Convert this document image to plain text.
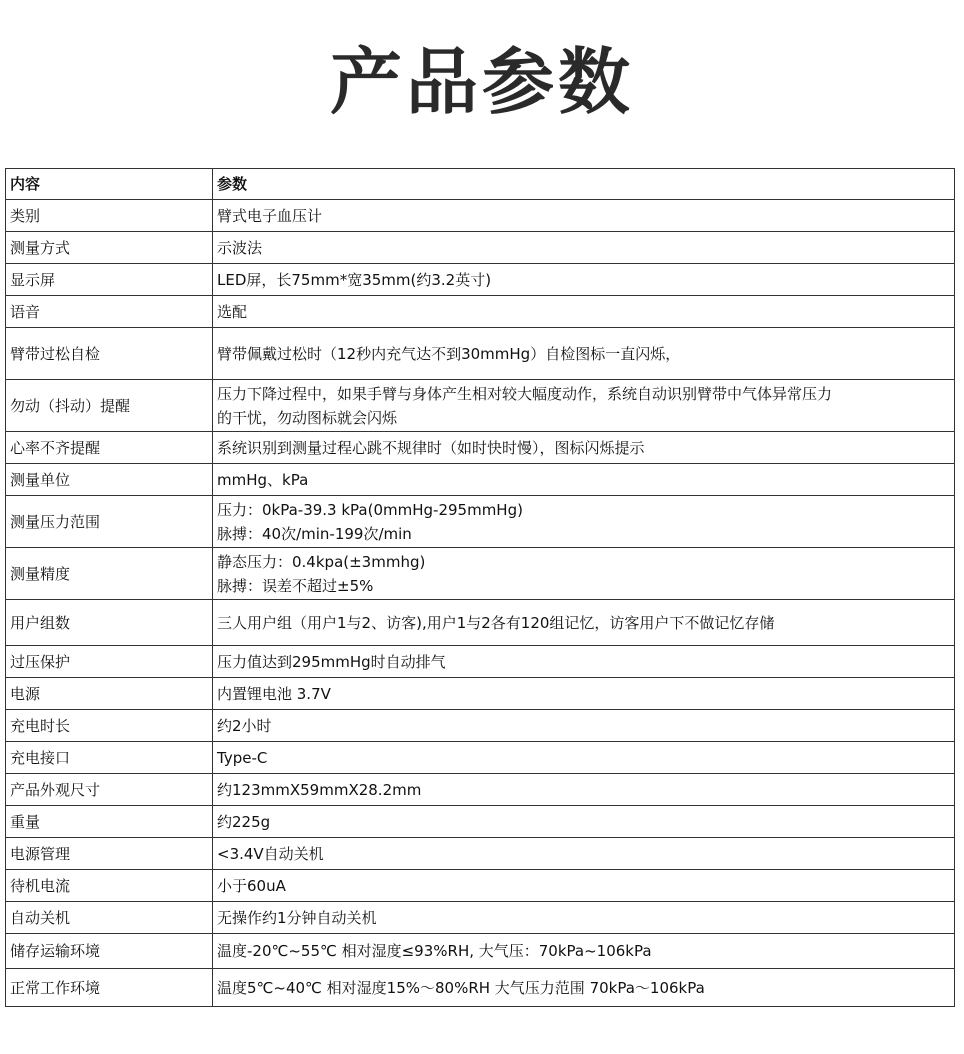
产品参数
内容	参数
类别	臂式电子血压计

测量方式	示波法

显示屏	LED屏，长75mm*宽35mm(约3.2英寸)

语音	选配

臂带过松自检	臂带佩戴过松时（12秒内充气达不到30mmHg）自检图标一直闪烁，

勿动（抖动）提醒	压力下降过程中，如果手臂与身体产生相对较大幅度动作，系统自动识别臂带中气体异常压力
的干忧，勿动图标就会闪烁

心率不齐提醒	系统识别到测量过程心跳不规律时（如时快时慢），图标闪烁提示

测量单位	mmHg、kPa

测量压力范围	压力：0kPa-39.3 kPa(0mmHg-295mmHg)
脉搏：40次/min-199次/min

测量精度	静态压力：0.4kpa(±3mmhg)
脉搏：误差不超过±5%

用户组数	三人用户组（用户1与2、访客),用户1与2各有120组记忆，访客用户下不做记忆存储

过压保护	压力值达到295mmHg时自动排气

电源	内置锂电池 3.7V

充电时长	约2小时

充电接口	Type-C

产品外观尺寸	约123mmX59mmX28.2mm

重量	约225g

电源管理	<3.4V自动关机

待机电流	小于60uA

自动关机	无操作约1分钟自动关机

储存运输环境	温度-20℃~55℃ 相对湿度≤93%RH, 大气压：70kPa~106kPa

正常工作环境	温度5℃~40℃ 相对湿度15%～80%RH 大气压力范围 70kPa～106kPa
